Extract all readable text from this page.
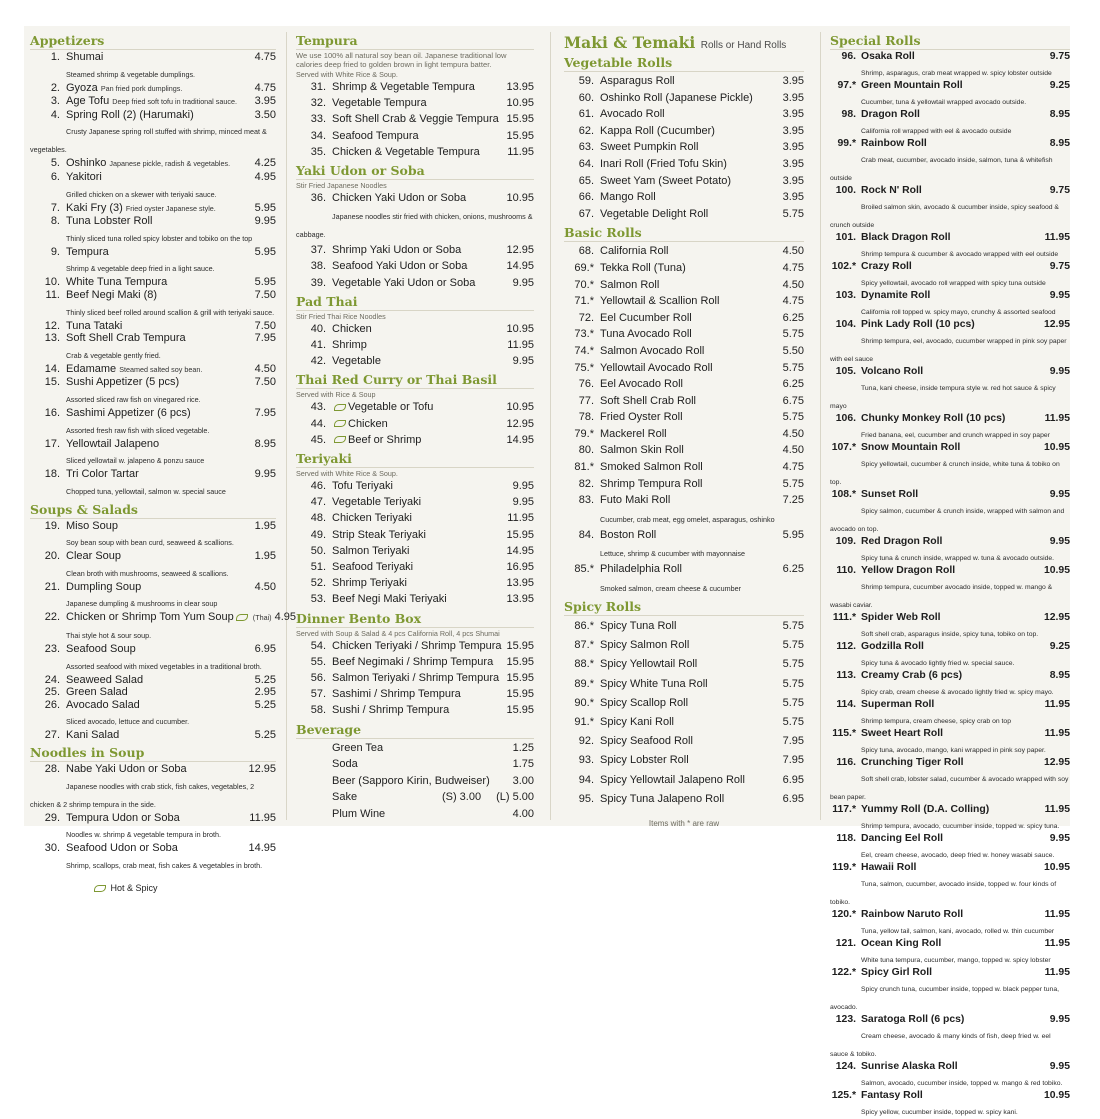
Appetizers
1. Shumai	4.75
Steamed shrimp & vegetable dumplings.
2. Gyoza Pan fried pork dumplings.	4.75
3. Age Tofu Deep fried soft tofu in traditional sauce.	3.95
4. Spring Roll (2) (Harumaki)	3.50
Crusty Japanese spring roll stuffed with shrimp, minced meat & vegetables.
5. Oshinko Japanese pickle, radish & vegetables.	4.25
6. Yakitori	4.95
Grilled chicken on a skewer with teriyaki sauce.
7. Kaki Fry (3) Fried oyster Japanese style.	5.95
8. Tuna Lobster Roll	9.95
Thinly sliced tuna rolled spicy lobster and tobiko on the top
9. Tempura	5.95
Shrimp & vegetable deep fried in a light sauce.
10. White Tuna Tempura	5.95
11. Beef Negi Maki (8)	7.50
Thinly sliced beef rolled around scallion & grill with teriyaki sauce.
12. Tuna Tataki	7.50
13. Soft Shell Crab Tempura	7.95
Crab & vegetable gently fried.
14. Edamame Steamed salted soy bean.	4.50
15. Sushi Appetizer (5 pcs)	7.50
Assorted sliced raw fish on vinegared rice.
16. Sashimi Appetizer (6 pcs)	7.95
Assorted fresh raw fish with sliced vegetable.
17. Yellowtail Jalapeno	8.95
Sliced yellowtail w. jalapeno & ponzu sauce
18. Tri Color Tartar	9.95
Chopped tuna, yellowtail, salmon w. special sauce
Soups & Salads
19. Miso Soup	1.95
Soy bean soup with bean curd, seaweed & scallions.
20. Clear Soup	1.95
Clean broth with mushrooms, seaweed & scallions.
21. Dumpling Soup	4.50
Japanese dumpling & mushrooms in clear soup
22. Chicken or Shrimp Tom Yum Soup	(Thai) 4.95
Thai style hot & sour soup.
23. Seafood Soup	6.95
Assorted seafood with mixed vegetables in a traditional broth.
24. Seaweed Salad	5.25
25. Green Salad	2.95
26. Avocado Salad	5.25
Sliced avocado, lettuce and cucumber.
27. Kani Salad	5.25
Noodles in Soup
28. Nabe Yaki Udon or Soba	12.95
Japanese noodles with crab stick, fish cakes, vegetables, 2 chicken & 2 shrimp tempura in the side.
29. Tempura Udon or Soba	11.95
Noodles w. shrimp & vegetable tempura in broth.
30. Seafood Udon or Soba	14.95
Shrimp, scallops, crab meat, fish cakes & vegetables in broth.
Hot & Spicy
Tempura
We use 100% all natural soy bean oil. Japanese traditional low calories deep fried to golden brown in light tempura batter.
Served with White Rice & Soup.
31. Shrimp & Vegetable Tempura	13.95
32. Vegetable Tempura	10.95
33. Soft Shell Crab & Veggie Tempura 15.95
34. Seafood Tempura	15.95
35. Chicken & Vegetable Tempura	11.95
Yaki Udon or Soba
Stir Fried Japanese Noodles
36. Chicken Yaki Udon or Soba	10.95
Japanese noodles stir fried with chicken, onions, mushrooms & cabbage.
37. Shrimp Yaki Udon or Soba	12.95
38. Seafood Yaki Udon or Soba	14.95
39. Vegetable Yaki Udon or Soba	9.95
Pad Thai
Stir Fried Thai Rice Noodles
40. Chicken	10.95
41. Shrimp	11.95
42. Vegetable	9.95
Thai Red Curry or Thai Basil
Served with Rice & Soup
43.	Vegetable or Tofu	10.95
44.	Chicken	12.95
45.	Beef or Shrimp	14.95
Teriyaki
Served with White Rice & Soup.
46. Tofu Teriyaki	9.95
47. Vegetable Teriyaki	9.95
48. Chicken Teriyaki	11.95
49. Strip Steak Teriyaki	15.95
50. Salmon Teriyaki	14.95
51. Seafood Teriyaki	16.95
52. Shrimp Teriyaki	13.95
53. Beef Negi Maki Teriyaki	13.95
Dinner Bento Box
Served with Soup & Salad & 4 pcs California Roll, 4 pcs Shumai
54. Chicken Teriyaki / Shrimp Tempura 15.95
55. Beef Negimaki / Shrimp Tempura	15.95
56. Salmon Teriyaki / Shrimp Tempura 15.95
57. Sashimi / Shrimp Tempura	15.95
58. Sushi / Shrimp Tempura	15.95
Beverage
Green Tea	1.25
Soda	1.75
Beer (Sapporo Kirin, Budweiser)	3.00
Sake	(S) 3.00 (L) 5.00
Plum Wine	4.00
Maki & Temaki Rolls or Hand Rolls
Vegetable Rolls
59. Asparagus Roll	3.95
60. Oshinko Roll (Japanese Pickle)	3.95
61. Avocado Roll	3.95
62. Kappa Roll (Cucumber)	3.95
63. Sweet Pumpkin Roll	3.95
64. Inari Roll (Fried Tofu Skin)	3.95
65. Sweet Yam (Sweet Potato)	3.95
66. Mango Roll	3.95
67. Vegetable Delight Roll	5.75
Basic Rolls
68. California Roll	4.50
69.* Tekka Roll (Tuna)	4.75
70.* Salmon Roll	4.50
71.* Yellowtail & Scallion Roll	4.75
72. Eel Cucumber Roll	6.25
73.* Tuna Avocado Roll	5.75
74.* Salmon Avocado Roll	5.50
75.* Yellowtail Avocado Roll	5.75
76. Eel Avocado Roll	6.25
77. Soft Shell Crab Roll	6.75
78. Fried Oyster Roll	5.75
79.* Mackerel Roll	4.50
80. Salmon Skin Roll	4.50
81.* Smoked Salmon Roll	4.75
82. Shrimp Tempura Roll	5.75
83. Futo Maki Roll	7.25
Cucumber, crab meat, egg omelet, asparagus, oshinko
84. Boston Roll	5.95
Lettuce, shrimp & cucumber with mayonnaise
85.* Philadelphia Roll	6.25
Smoked salmon, cream cheese & cucumber
Spicy Rolls
86.* Spicy Tuna Roll	5.75
87.* Spicy Salmon Roll	5.75
88.* Spicy Yellowtail Roll	5.75
89.* Spicy White Tuna Roll	5.75
90.* Spicy Scallop Roll	5.75
91.* Spicy Kani Roll	5.75
92. Spicy Seafood Roll	7.95
93. Spicy Lobster Roll	7.95
94. Spicy Yellowtail Jalapeno Roll	6.95
95. Spicy Tuna Jalapeno Roll	6.95
Items with * are raw
Special Rolls
96. Osaka Roll	9.75
Shrimp, asparagus, crab meat wrapped w. spicy lobster outside
97.* Green Mountain Roll	9.25
Cucumber, tuna & yellowtail wrapped avocado outside.
98. Dragon Roll	8.95
California roll wrapped with eel & avocado outside
99.* Rainbow Roll	8.95
Crab meat, cucumber, avocado inside, salmon, tuna & whitefish outside
100. Rock N' Roll	9.75
Broiled salmon skin, avocado & cucumber inside, spicy seafood & crunch outside
101. Black Dragon Roll	11.95
Shrimp tempura & cucumber & avocado wrapped with eel outside
102.* Crazy Roll	9.75
Spicy yellowtail, avocado roll wrapped with spicy tuna outside
103. Dynamite Roll	9.95
California roll topped w. spicy mayo, crunchy & assorted seafood
104. Pink Lady Roll (10 pcs)	12.95
Shrimp tempura, eel, avocado, cucumber wrapped in pink soy paper with eel sauce
105. Volcano Roll	9.95
Tuna, kani cheese, inside tempura style w. red hot sauce & spicy mayo
106. Chunky Monkey Roll (10 pcs)	11.95
Fried banana, eel, cucumber and crunch wrapped in soy paper
107.* Snow Mountain Roll	10.95
Spicy yellowtail, cucumber & crunch inside, white tuna & tobiko on top.
108.* Sunset Roll	9.95
Spicy salmon, cucumber & crunch inside, wrapped with salmon and avocado on top.
109. Red Dragon Roll	9.95
Spicy tuna & crunch inside, wrapped w. tuna & avocado outside.
110. Yellow Dragon Roll	10.95
Shrimp tempura, cucumber avocado inside, topped w. mango & wasabi caviar.
111.* Spider Web Roll	12.95
Soft shell crab, asparagus inside, spicy tuna, tobiko on top.
112. Godzilla Roll	9.25
Spicy tuna & avocado lightly fried w. special sauce.
113. Creamy Crab (6 pcs)	8.95
Spicy crab, cream cheese & avocado lightly fried w. spicy mayo.
114. Superman Roll	11.95
Shrimp tempura, cream cheese, spicy crab on top
115.* Sweet Heart Roll	11.95
Spicy tuna, avocado, mango, kani wrapped in pink soy paper.
116. Crunching Tiger Roll	12.95
Soft shell crab, lobster salad, cucumber & avocado wrapped with soy bean paper.
117.* Yummy Roll (D.A. Colling)	11.95
Shrimp tempura, avocado, cucumber inside, topped w. spicy tuna.
118. Dancing Eel Roll	9.95
Eel, cream cheese, avocado, deep fried w. honey wasabi sauce.
119.* Hawaii Roll	10.95
Tuna, salmon, cucumber, avocado inside, topped w. four kinds of tobiko.
120.* Rainbow Naruto Roll	11.95
Tuna, yellow tail, salmon, kani, avocado, rolled w. thin cucumber
121. Ocean King Roll	11.95
White tuna tempura, cucumber, mango, topped w. spicy lobster
122.* Spicy Girl Roll	11.95
Spicy crunch tuna, cucumber inside, topped w. black pepper tuna, avocado.
123. Saratoga Roll (6 pcs)	9.95
Cream cheese, avocado & many kinds of fish, deep fried w. eel sauce & tobiko.
124. Sunrise Alaska Roll	9.95
Salmon, avocado, cucumber inside, topped w. mango & red tobiko.
125.* Fantasy Roll	10.95
Spicy yellow, cucumber inside, topped w. spicy kani.
